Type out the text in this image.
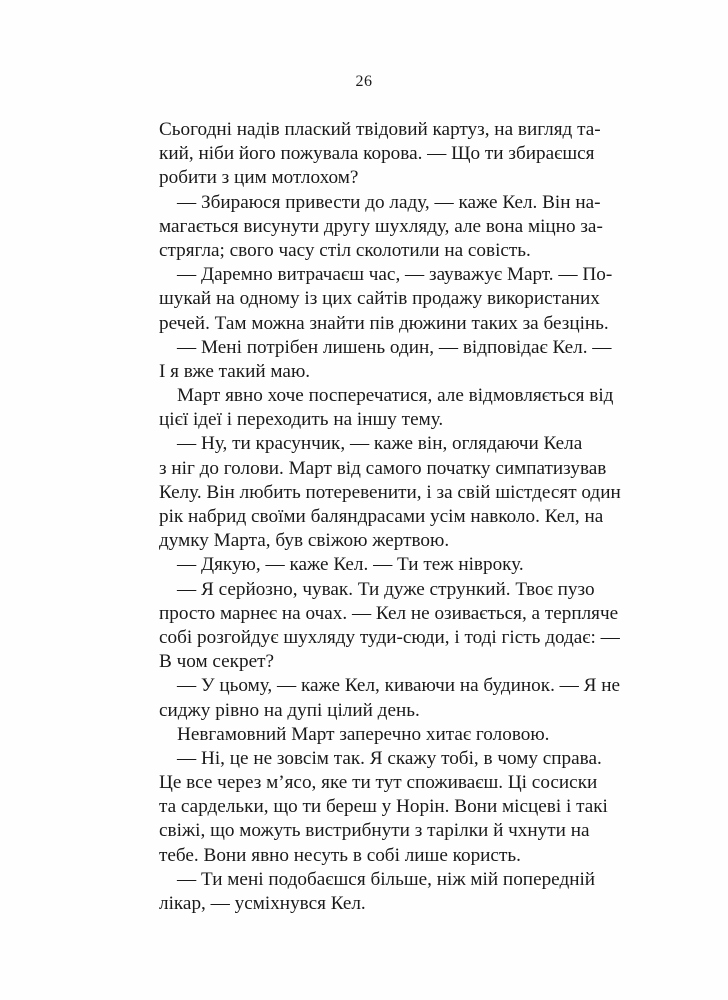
26
Сьогодні надів плаский твідовий картуз, на вигляд та-
кий, ніби його пожувала корова. — Що ти збираєшся
робити з цим мотлохом?
— Збираюся привести до ладу, — каже Кел. Він на-
магається висунути другу шухляду, але вона міцно за-
стрягла; свого часу стіл сколотили на совість.
— Даремно витрачаєш час, — зауважує Март. — По-
шукай на одному із цих сайтів продажу використаних
речей. Там можна знайти пів дюжини таких за безцінь.
— Мені потрібен лишень один, — відповідає Кел. —
І я вже такий маю.
Март явно хоче посперечатися, але відмовляється від
цієї ідеї і переходить на іншу тему.
— Ну, ти красунчик, — каже він, оглядаючи Кела
з ніг до голови. Март від самого початку симпатизував
Келу. Він любить потеревенити, і за свій шістдесят один
рік набрид своїми баляндрасами усім навколо. Кел, на
думку Марта, був свіжою жертвою.
— Дякую, — каже Кел. — Ти теж нівроку.
— Я серйозно, чувак. Ти дуже стрункий. Твоє пузо
просто марнеє на очах. — Кел не озивається, а терпляче
собі розгойдує шухляду туди-сюди, і тоді гість додає: —
В чом секрет?
— У цьому, — каже Кел, киваючи на будинок. — Я не
сиджу рівно на дупі цілий день.
Невгамовний Март заперечно хитає головою.
— Ні, це не зовсім так. Я скажу тобі, в чому справа.
Це все через м’ясо, яке ти тут споживаєш. Ці сосиски
та сардельки, що ти береш у Норін. Вони місцеві і такі
свіжі, що можуть вистрибнути з тарілки й чхнути на
тебе. Вони явно несуть в собі лише користь.
— Ти мені подобаєшся більше, ніж мій попередній
лікар, — усміхнувся Кел.
